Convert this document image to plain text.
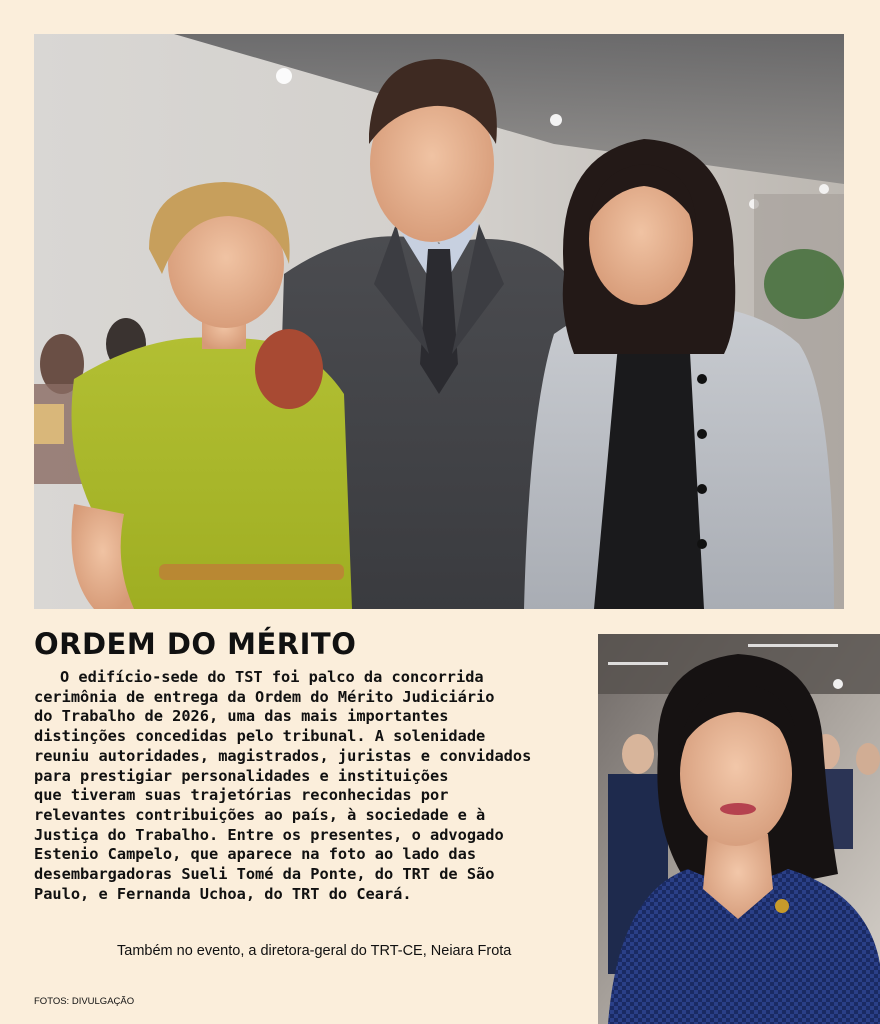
ORDEM DO MÉRITO

O edifício-sede do TST foi palco da concorrida
cerimônia de entrega da Ordem do Mérito Judiciário
do Trabalho de 2026, uma das mais importantes
distinções concedidas pelo tribunal. A solenidade
reuniu autoridades, magistrados, juristas e convidados
para prestigiar personalidades e instituições
que tiveram suas trajetórias reconhecidas por
relevantes contribuições ao país, à sociedade e à
Justiça do Trabalho. Entre os presentes, o advogado
Estenio Campelo, que aparece na foto ao lado das
desembargadoras Sueli Tomé da Ponte, do TRT de São
Paulo, e Fernanda Uchoa, do TRT do Ceará.

Também no evento, a diretora-geral do TRT-CE, Neiara Frota

FOTOS: DIVULGAÇÃO
